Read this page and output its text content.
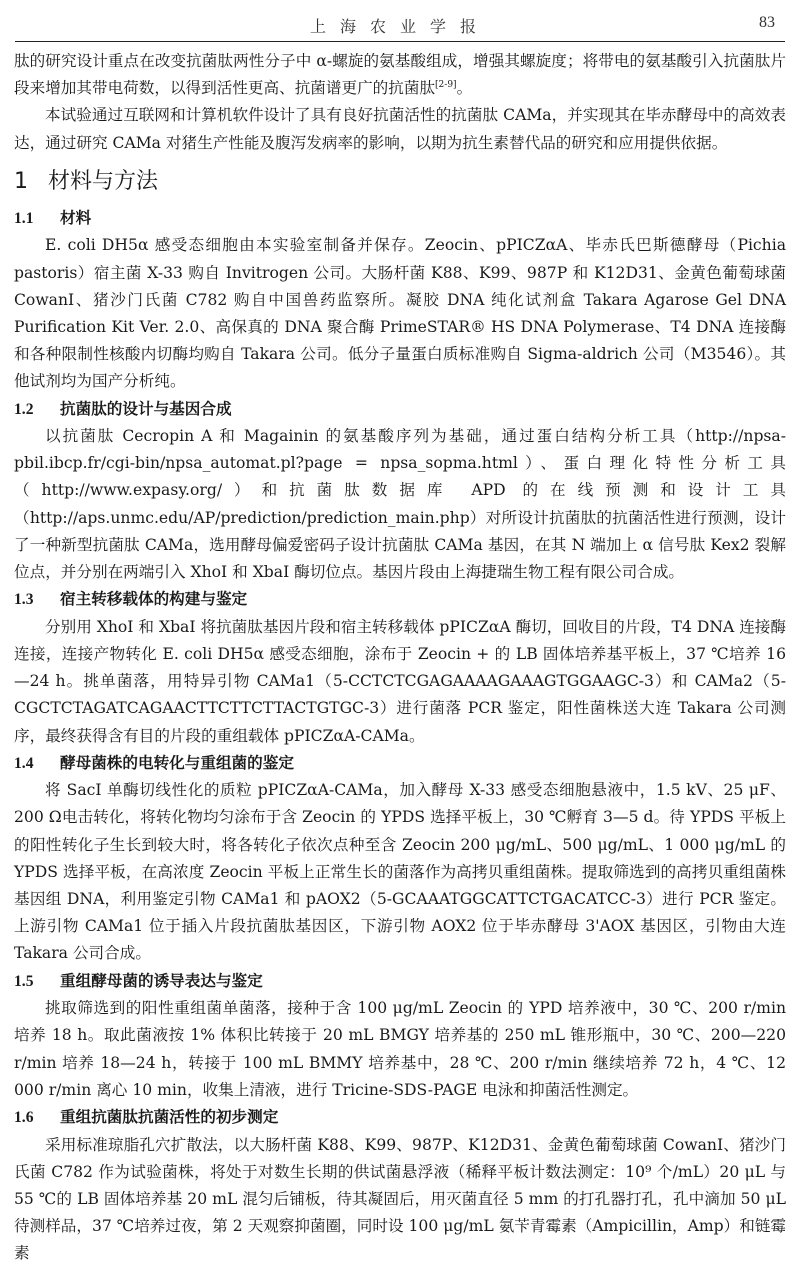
上海农业学报	83

肽的研究设计重点在改变抗菌肽两性分子中 α-螺旋的氨基酸组成，增强其螺旋度；将带电的氨基酸引入抗菌肽片段来增加其带电荷数，以得到活性更高、抗菌谱更广的抗菌肽[2-9]。

本试验通过互联网和计算机软件设计了具有良好抗菌活性的抗菌肽 CAMa，并实现其在毕赤酵母中的高效表达，通过研究 CAMa 对猪生产性能及腹泻发病率的影响，以期为抗生素替代品的研究和应用提供依据。

1 材料与方法
1.1 材料

E. coli DH5α 感受态细胞由本实验室制备并保存。Zeocin、pPICZαA、毕赤氏巴斯德酵母（Pichia pastoris）宿主菌 X-33 购自 Invitrogen 公司。大肠杆菌 K88、K99、987P 和 K12D31、金黄色葡萄球菌 CowanI、猪沙门氏菌 C782 购自中国兽药监察所。凝胶 DNA 纯化试剂盒 Takara Agarose Gel DNA Purification Kit Ver. 2.0、高保真的 DNA 聚合酶 PrimeSTAR® HS DNA Polymerase、T4 DNA 连接酶和各种限制性核酸内切酶均购自 Takara 公司。低分子量蛋白质标准购自 Sigma-aldrich 公司（M3546）。其他试剂均为国产分析纯。

1.2 抗菌肽的设计与基因合成

以抗菌肽 Cecropin A 和 Magainin 的氨基酸序列为基础，通过蛋白结构分析工具（http://npsa-pbil.ibcp.fr/cgi-bin/npsa_automat.pl?page = npsa_sopma.html）、蛋白理化特性分析工具（http://www.expasy.org/）和抗菌肽数据库 APD 的在线预测和设计工具（http://aps.unmc.edu/AP/prediction/prediction_main.php）对所设计抗菌肽的抗菌活性进行预测，设计了一种新型抗菌肽 CAMa，选用酵母偏爱密码子设计抗菌肽 CAMa 基因，在其 N 端加上 α 信号肽 Kex2 裂解位点，并分别在两端引入 XhoI 和 XbaI 酶切位点。基因片段由上海捷瑞生物工程有限公司合成。

1.3 宿主转移载体的构建与鉴定

分别用 XhoI 和 XbaI 将抗菌肽基因片段和宿主转移载体 pPICZαA 酶切，回收目的片段，T4 DNA 连接酶连接，连接产物转化 E. coli DH5α 感受态细胞，涂布于 Zeocin + 的 LB 固体培养基平板上，37 ℃培养 16—24 h。挑单菌落，用特异引物 CAMa1（5-CCTCTCGAGAAAAGAAAGTGGAAGC-3）和 CAMa2（5-CGCTCTAGATCAGAACTTCTTCTTACTGTGC-3）进行菌落 PCR 鉴定，阳性菌株送大连 Takara 公司测序，最终获得含有目的片段的重组载体 pPICZαA-CAMa。

1.4 酵母菌株的电转化与重组菌的鉴定

将 SacI 单酶切线性化的质粒 pPICZαA-CAMa，加入酵母 X-33 感受态细胞悬液中，1.5 kV、25 μF、200 Ω电击转化，将转化物均匀涂布于含 Zeocin 的 YPDS 选择平板上，30 ℃孵育 3—5 d。待 YPDS 平板上的阳性转化子生长到较大时，将各转化子依次点种至含 Zeocin 200 μg/mL、500 μg/mL、1 000 μg/mL 的 YPDS 选择平板，在高浓度 Zeocin 平板上正常生长的菌落作为高拷贝重组菌株。提取筛选到的高拷贝重组菌株基因组 DNA，利用鉴定引物 CAMa1 和 pAOX2（5-GCAAATGGCATTCTGACATCC-3）进行 PCR 鉴定。上游引物 CAMa1 位于插入片段抗菌肽基因区，下游引物 AOX2 位于毕赤酵母 3'AOX 基因区，引物由大连 Takara 公司合成。

1.5 重组酵母菌的诱导表达与鉴定

挑取筛选到的阳性重组菌单菌落，接种于含 100 μg/mL Zeocin 的 YPD 培养液中，30 ℃、200 r/min 培养 18 h。取此菌液按 1% 体积比转接于 20 mL BMGY 培养基的 250 mL 锥形瓶中，30 ℃、200—220 r/min 培养 18—24 h，转接于 100 mL BMMY 培养基中，28 ℃、200 r/min 继续培养 72 h，4 ℃、12 000 r/min 离心 10 min，收集上清液，进行 Tricine-SDS-PAGE 电泳和抑菌活性测定。

1.6 重组抗菌肽抗菌活性的初步测定

采用标准琼脂孔穴扩散法，以大肠杆菌 K88、K99、987P、K12D31、金黄色葡萄球菌 CowanI、猪沙门氏菌 C782 作为试验菌株，将处于对数生长期的供试菌悬浮液（稀释平板计数法测定：10⁹ 个/mL）20 μL 与 55 ℃的 LB 固体培养基 20 mL 混匀后铺板，待其凝固后，用灭菌直径 5 mm 的打孔器打孔，孔中滴加 50 μL 待测样品，37 ℃培养过夜，第 2 天观察抑菌圈，同时设 100 μg/mL 氨苄青霉素（Ampicillin，Amp）和链霉素
